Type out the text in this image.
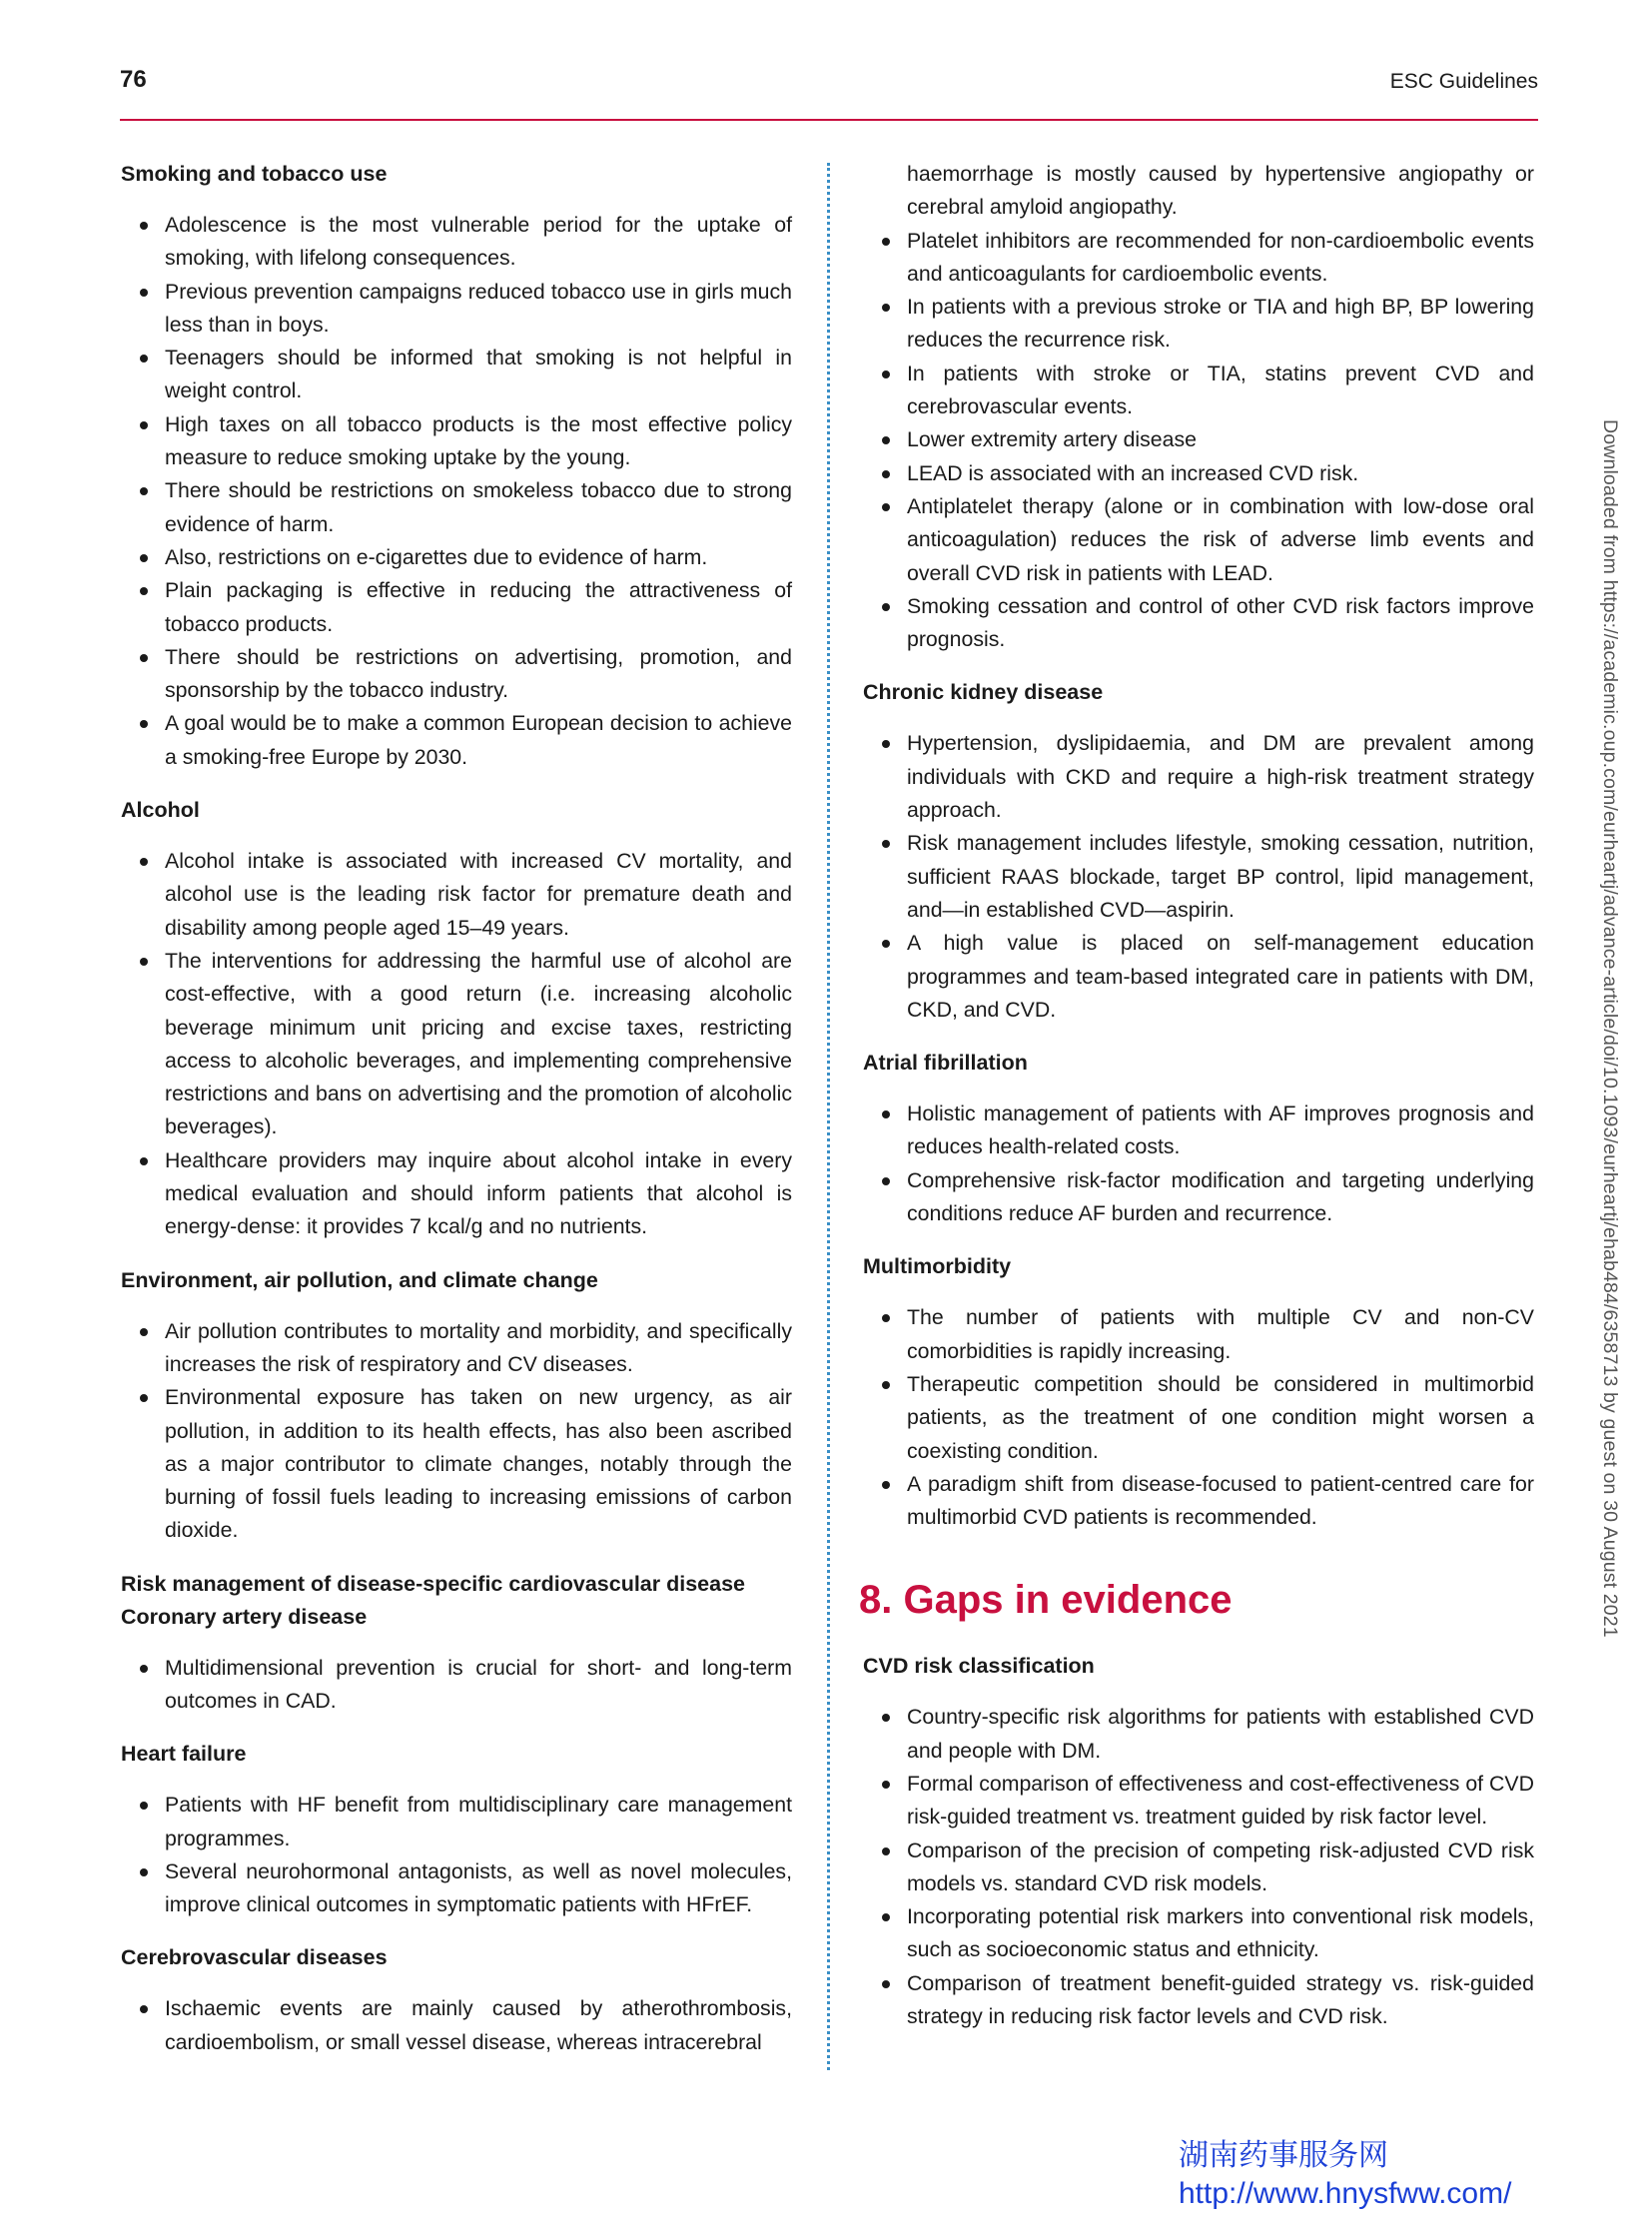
76	ESC Guidelines
Smoking and tobacco use
Adolescence is the most vulnerable period for the uptake of smoking, with lifelong consequences.
Previous prevention campaigns reduced tobacco use in girls much less than in boys.
Teenagers should be informed that smoking is not helpful in weight control.
High taxes on all tobacco products is the most effective policy measure to reduce smoking uptake by the young.
There should be restrictions on smokeless tobacco due to strong evidence of harm.
Also, restrictions on e-cigarettes due to evidence of harm.
Plain packaging is effective in reducing the attractiveness of tobacco products.
There should be restrictions on advertising, promotion, and sponsorship by the tobacco industry.
A goal would be to make a common European decision to achieve a smoking-free Europe by 2030.
Alcohol
Alcohol intake is associated with increased CV mortality, and alcohol use is the leading risk factor for premature death and disability among people aged 15–49 years.
The interventions for addressing the harmful use of alcohol are cost-effective, with a good return (i.e. increasing alcoholic beverage minimum unit pricing and excise taxes, restricting access to alcoholic beverages, and implementing comprehensive restrictions and bans on advertising and the promotion of alcoholic beverages).
Healthcare providers may inquire about alcohol intake in every medical evaluation and should inform patients that alcohol is energy-dense: it provides 7 kcal/g and no nutrients.
Environment, air pollution, and climate change
Air pollution contributes to mortality and morbidity, and specifically increases the risk of respiratory and CV diseases.
Environmental exposure has taken on new urgency, as air pollution, in addition to its health effects, has also been ascribed as a major contributor to climate changes, notably through the burning of fossil fuels leading to increasing emissions of carbon dioxide.
Risk management of disease-specific cardiovascular disease
Coronary artery disease
Multidimensional prevention is crucial for short- and long-term outcomes in CAD.
Heart failure
Patients with HF benefit from multidisciplinary care management programmes.
Several neurohormonal antagonists, as well as novel molecules, improve clinical outcomes in symptomatic patients with HFrEF.
Cerebrovascular diseases
Ischaemic events are mainly caused by atherothrombosis, cardioembolism, or small vessel disease, whereas intracerebral

haemorrhage is mostly caused by hypertensive angiopathy or cerebral amyloid angiopathy.

Platelet inhibitors are recommended for non-cardioembolic events and anticoagulants for cardioembolic events.
In patients with a previous stroke or TIA and high BP, BP lowering reduces the recurrence risk.
In patients with stroke or TIA, statins prevent CVD and cerebrovascular events.
Lower extremity artery disease
LEAD is associated with an increased CVD risk.
Antiplatelet therapy (alone or in combination with low-dose oral anticoagulation) reduces the risk of adverse limb events and overall CVD risk in patients with LEAD.
Smoking cessation and control of other CVD risk factors improve prognosis.
Chronic kidney disease
Hypertension, dyslipidaemia, and DM are prevalent among individuals with CKD and require a high-risk treatment strategy approach.
Risk management includes lifestyle, smoking cessation, nutrition, sufficient RAAS blockade, target BP control, lipid management, and—in established CVD—aspirin.
A high value is placed on self-management education programmes and team-based integrated care in patients with DM, CKD, and CVD.
Atrial fibrillation
Holistic management of patients with AF improves prognosis and reduces health-related costs.
Comprehensive risk-factor modification and targeting underlying conditions reduce AF burden and recurrence.
Multimorbidity
The number of patients with multiple CV and non-CV comorbidities is rapidly increasing.
Therapeutic competition should be considered in multimorbid patients, as the treatment of one condition might worsen a coexisting condition.
A paradigm shift from disease-focused to patient-centred care for multimorbid CVD patients is recommended.
8. Gaps in evidence
CVD risk classification
Country-specific risk algorithms for patients with established CVD and people with DM.
Formal comparison of effectiveness and cost-effectiveness of CVD risk-guided treatment vs. treatment guided by risk factor level.
Comparison of the precision of competing risk-adjusted CVD risk models vs. standard CVD risk models.
Incorporating potential risk markers into conventional risk models, such as socioeconomic status and ethnicity.
Comparison of treatment benefit-guided strategy vs. risk-guided strategy in reducing risk factor levels and CVD risk.
Downloaded from https://academic.oup.com/eurheartj/advance-article/doi/10.1093/eurheartj/ehab484/6358713 by guest on 30 August 2021
湖南药事服务网
http://www.hnysfww.com/
